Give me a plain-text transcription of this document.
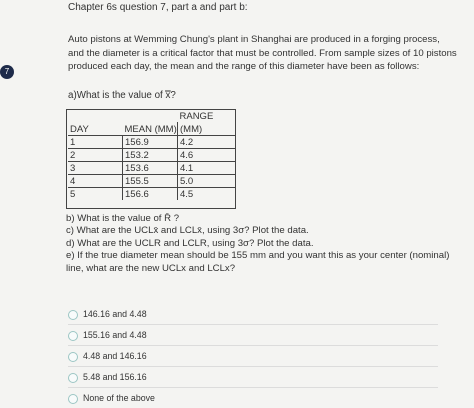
7
Chapter 6s question 7, part a and part b:
Auto pistons at Wemming Chung's plant in Shanghai are produced in a forging process, and the diameter is a critical factor that must be controlled. From sample sizes of 10 pistons produced each day, the mean and the range of this diameter have been as follows:
a)What is the value of x̿?
		RANGE
DAY	MEAN (MM)	(MM)
1	156.9	4.2
2	153.2	4.6
3	153.6	4.1
4	155.5	5.0
5	156.6	4.5
b) What is the value of R̄ ?
c) What are the UCLx̄ and LCLx̄, using 3σ? Plot the data.
d) What are the UCLR and LCLR, using 3σ? Plot the data.
e) If the true diameter mean should be 155 mm and you want this as your center (nominal) line, what are the new UCLx and LCLx?
146.16 and 4.48
155.16 and 4.48
4.48 and 146.16
5.48 and 156.16
None of the above
